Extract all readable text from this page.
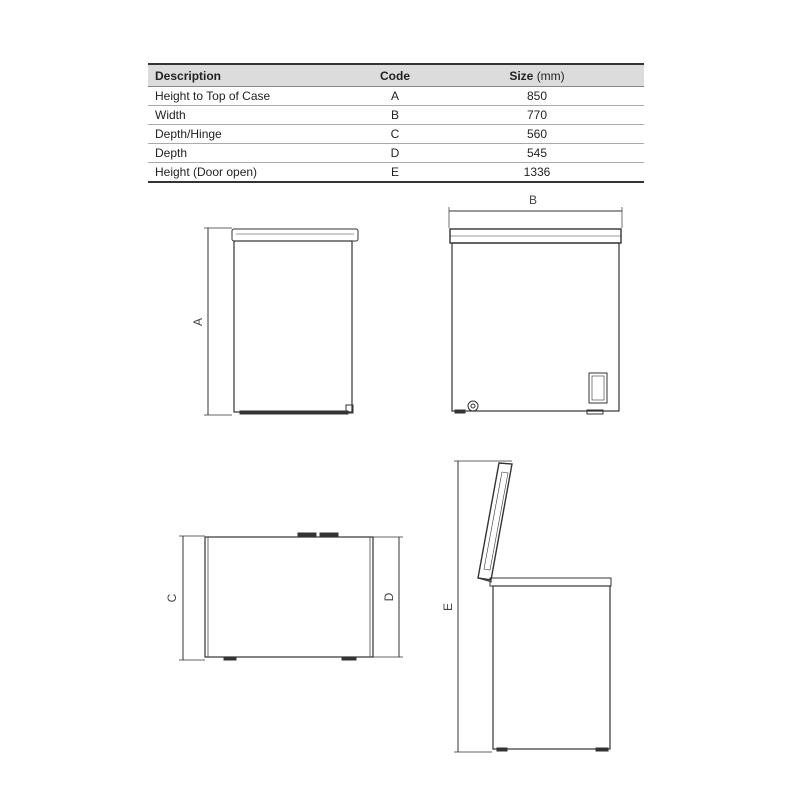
Description	Code	Size (mm)
Height to Top of Case	A	850
Width	B	770
Depth/Hinge	C	560
Depth	D	545
Height (Door open)	E	1336
A
B
C	D
E
